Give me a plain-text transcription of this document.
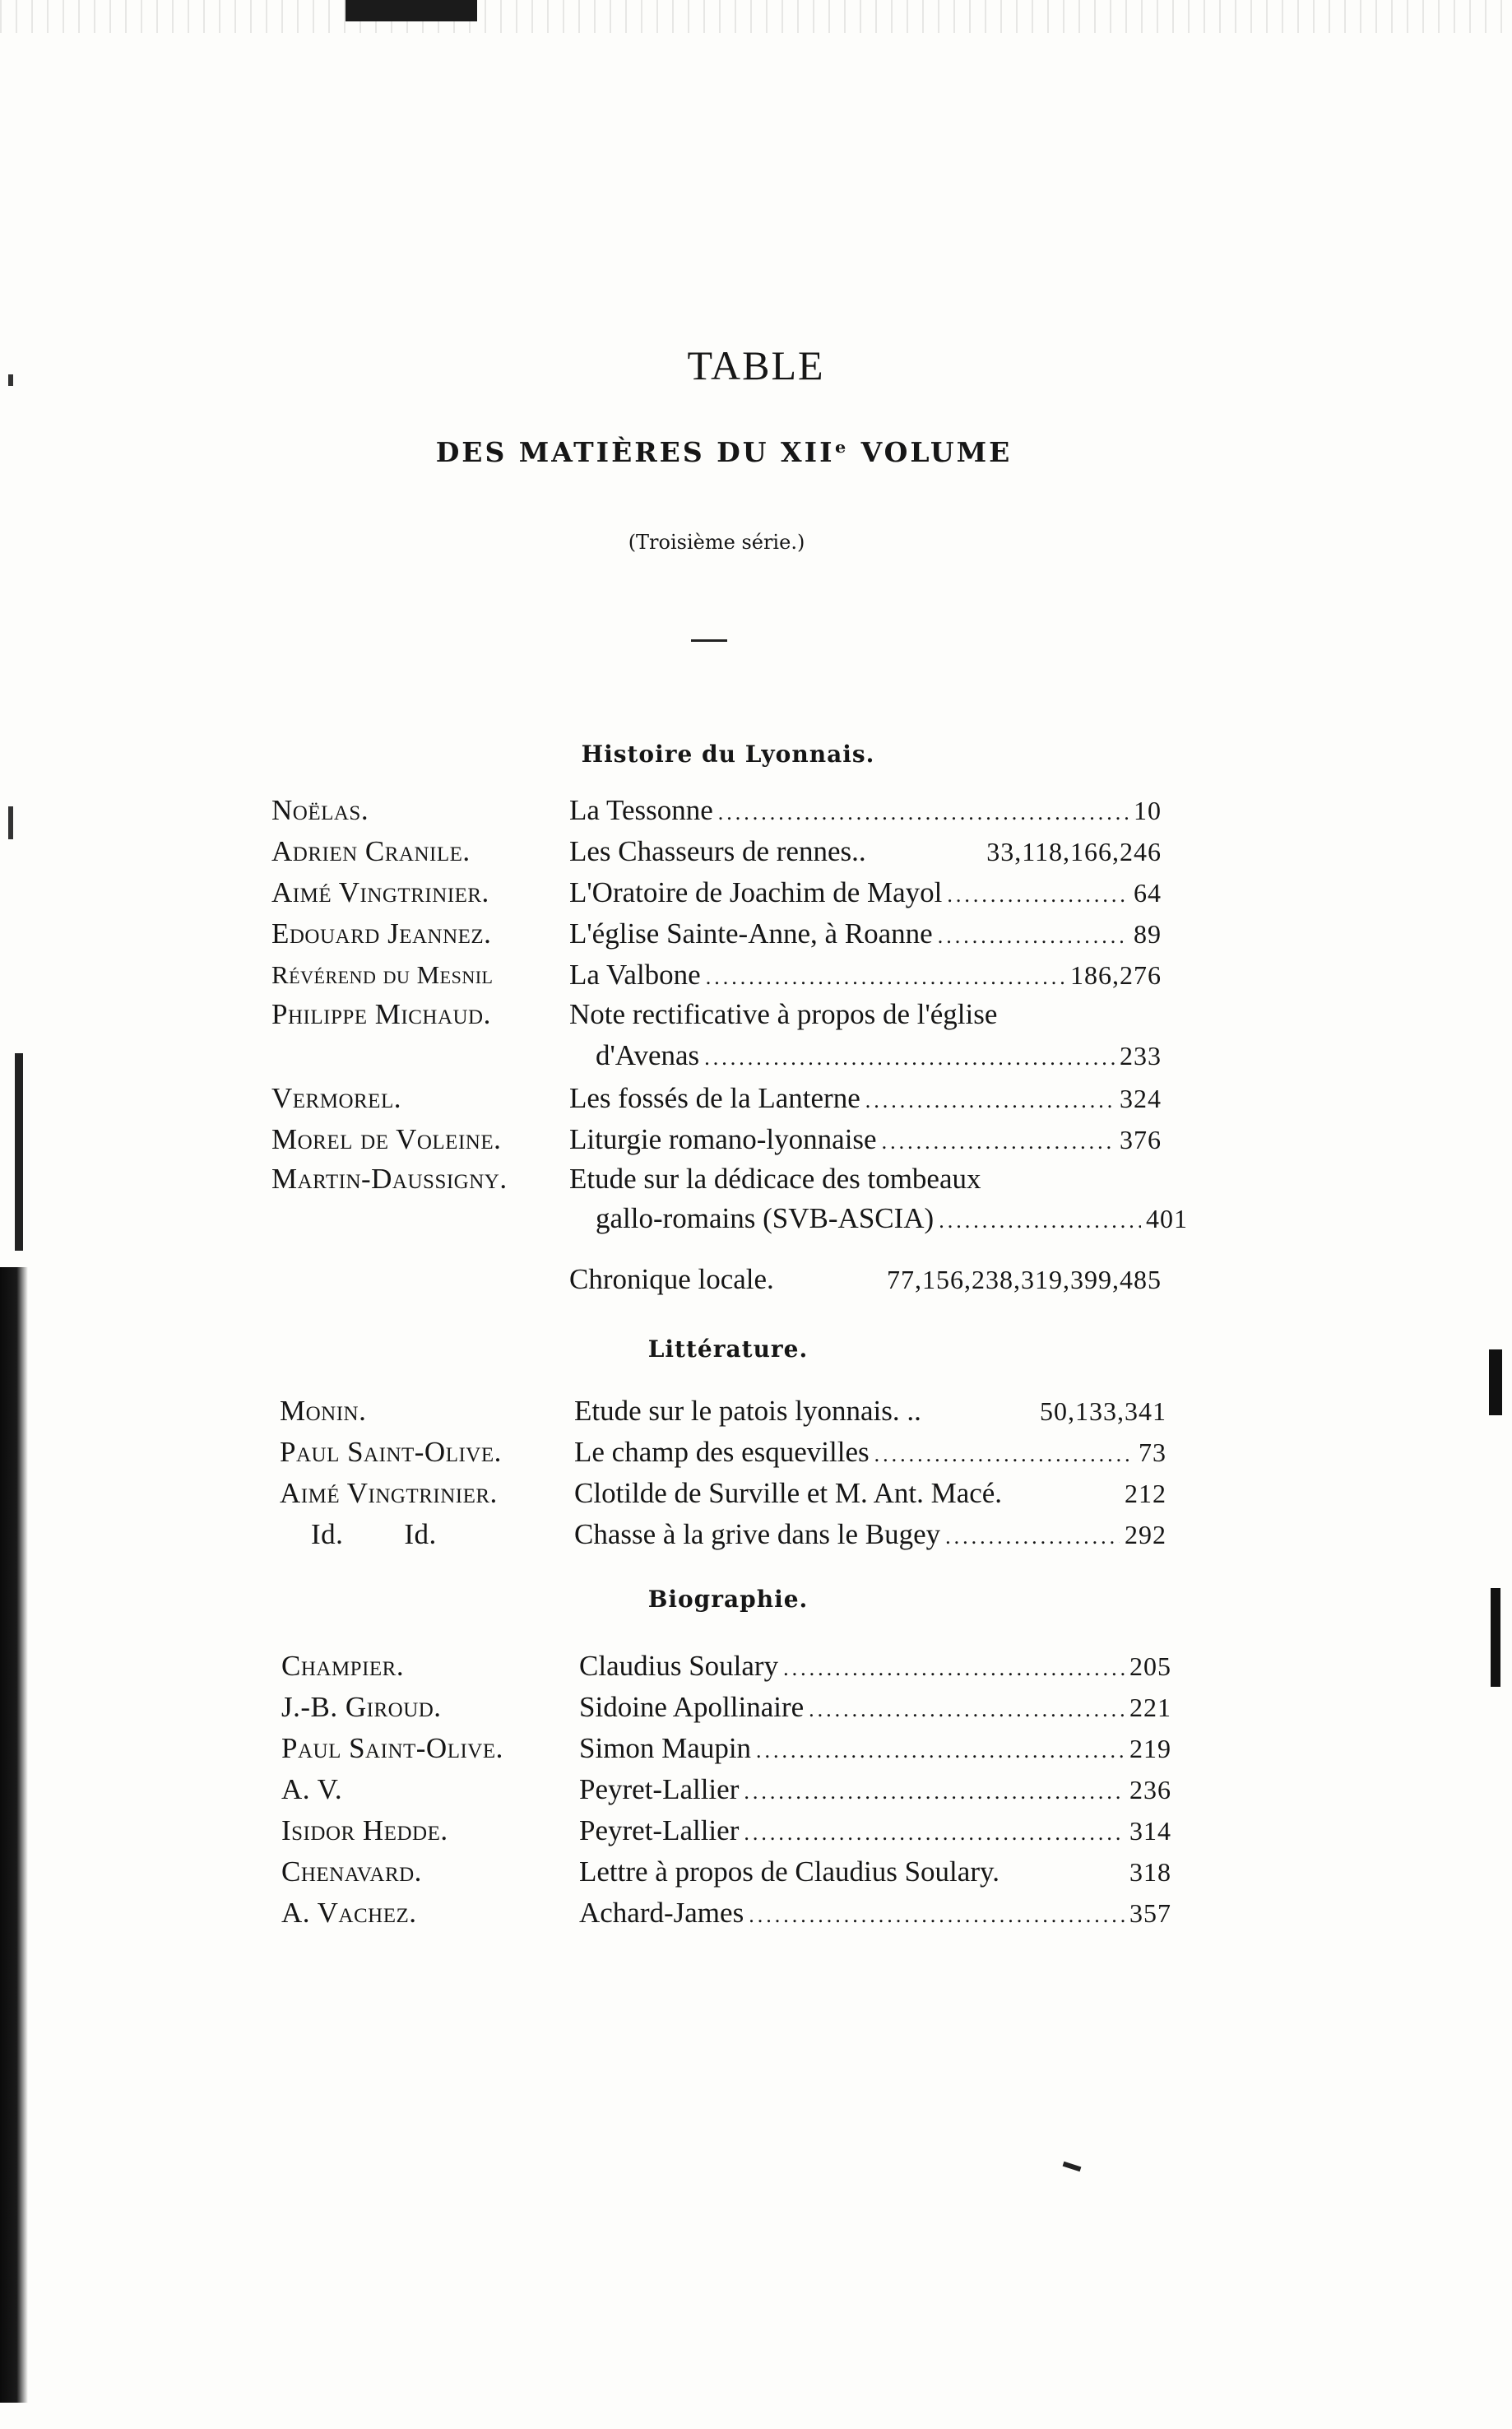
TABLE
DES MATIÈRES DU XIIᵉ VOLUME
(Troisième série.)
Histoire du Lyonnais.
Noëlas.	La Tessonne .....	10
Adrien Cranile.	Les Chasseurs de rennes..	33,118,166,246
Aimé Vingtrinier.	L'Oratoire de Joachim de Mayol .....	64
Edouard Jeannez.	L'église Sainte-Anne, à Roanne .....	89
Révérend du Mesnil	La Valbone .....	186,276
Philippe Michaud.	Note rectificative à propos de l'église
d'Avenas .....	233
Vermorel.	Les fossés de la Lanterne .....	324
Morel de Voleine. Liturgie romano-lyonnaise .....	376
Martin-Daussigny. Etude sur la dédicace des tombeaux
gallo-romains (SVB-ASCIA) .....	401
Chronique locale.	77,156,238,319,399,485
Littérature.
Monin.	Etude sur le patois lyonnais. ..	50,133,341
Paul Saint-Olive.	Le champ des esquevilles .....	73
Aimé Vingtrinier.	Clotilde de Surville et M. Ant. Macé.	212
Id.        Id.	Chasse à la grive dans le Bugey .....	292
Biographie.
Champier.	Claudius Soulary .....	205
J.-B. Giroud.	Sidoine Apollinaire .....	221
Paul Saint-Olive.	Simon Maupin .....	219
A. V.	Peyret-Lallier .....	236
Isidor Hedde.	Peyret-Lallier .....	314
Chenavard.	Lettre à propos de Claudius Soulary.	318
A. Vachez.	Achard-James .....	357
